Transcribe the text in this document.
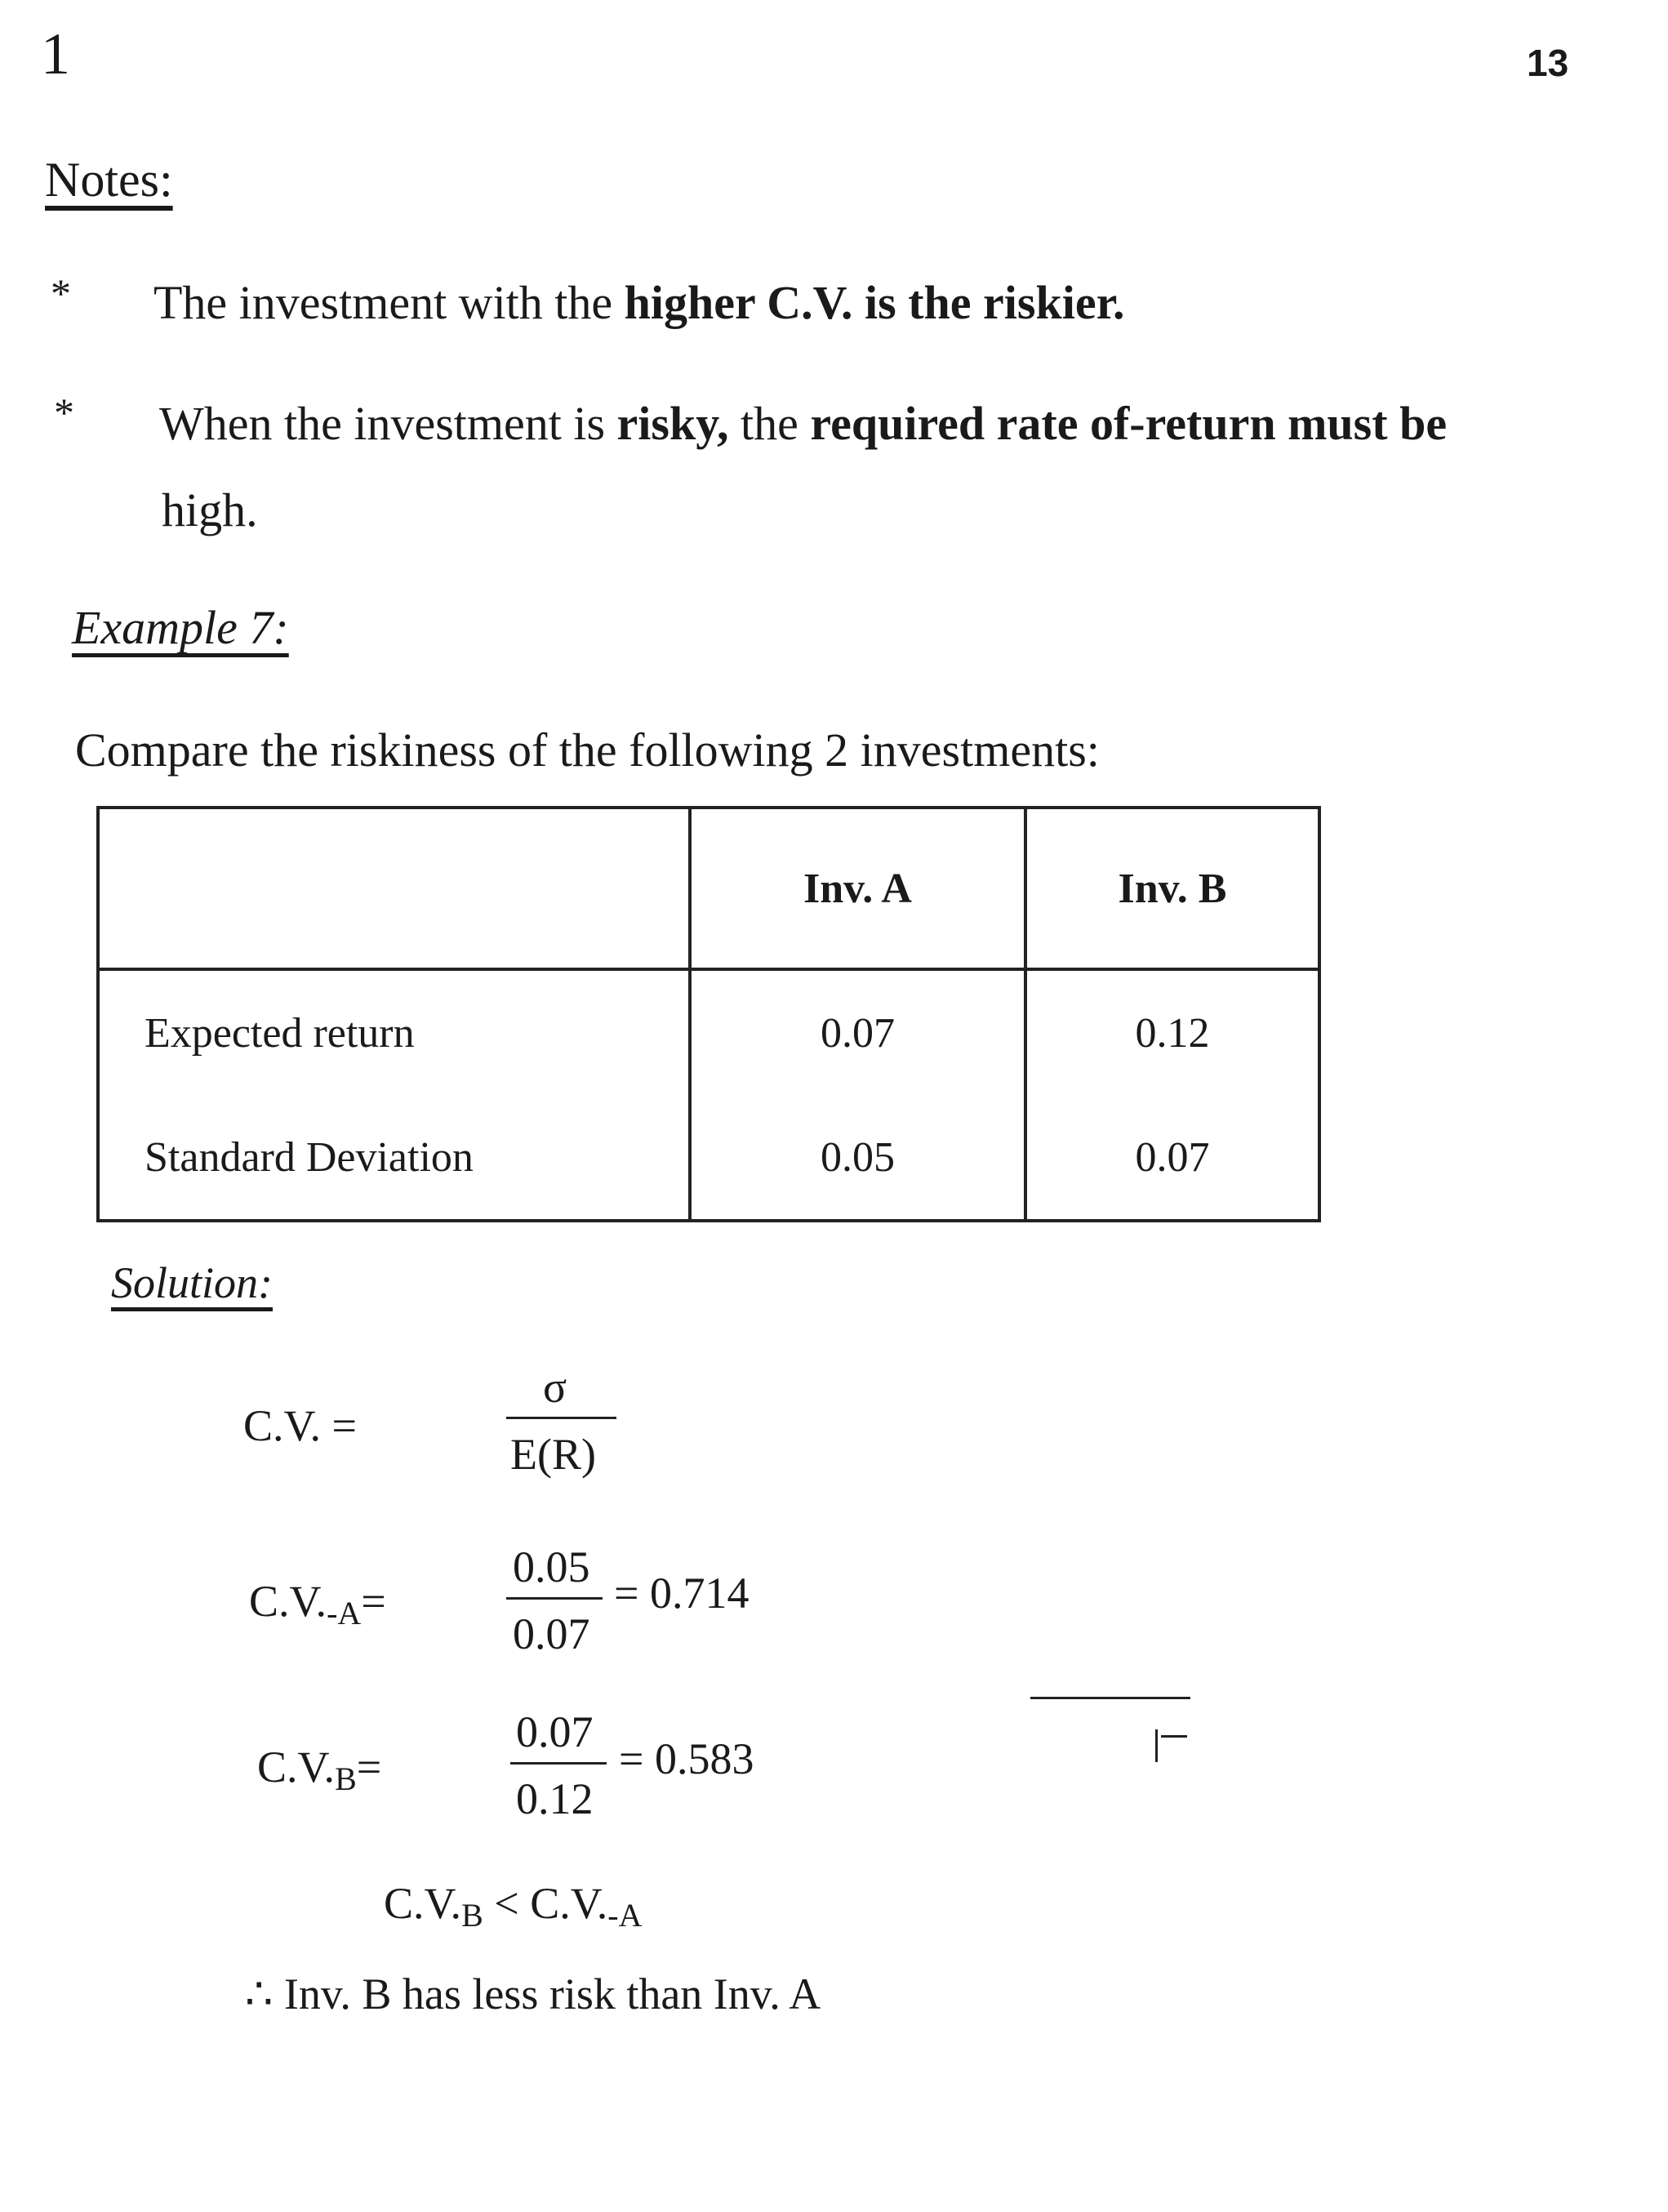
1	13
Notes:
* The investment with the higher C.V. is the riskier.
* When the investment is risky, the required rate of-return must be
high.
Example 7:
Compare the riskiness of the following 2 investments:
	Inv. A	Inv. B
Expected return	0.07	0.12
Standard Deviation	0.05	0.07
Solution:
C.V. =
σ
E(R)
C.V.-A=
0.05
0.07
= 0.714
C.V.B=
0.07
0.12
= 0.583
C.V.B < C.V.-A
∴ Inv. B has less risk than Inv. A
